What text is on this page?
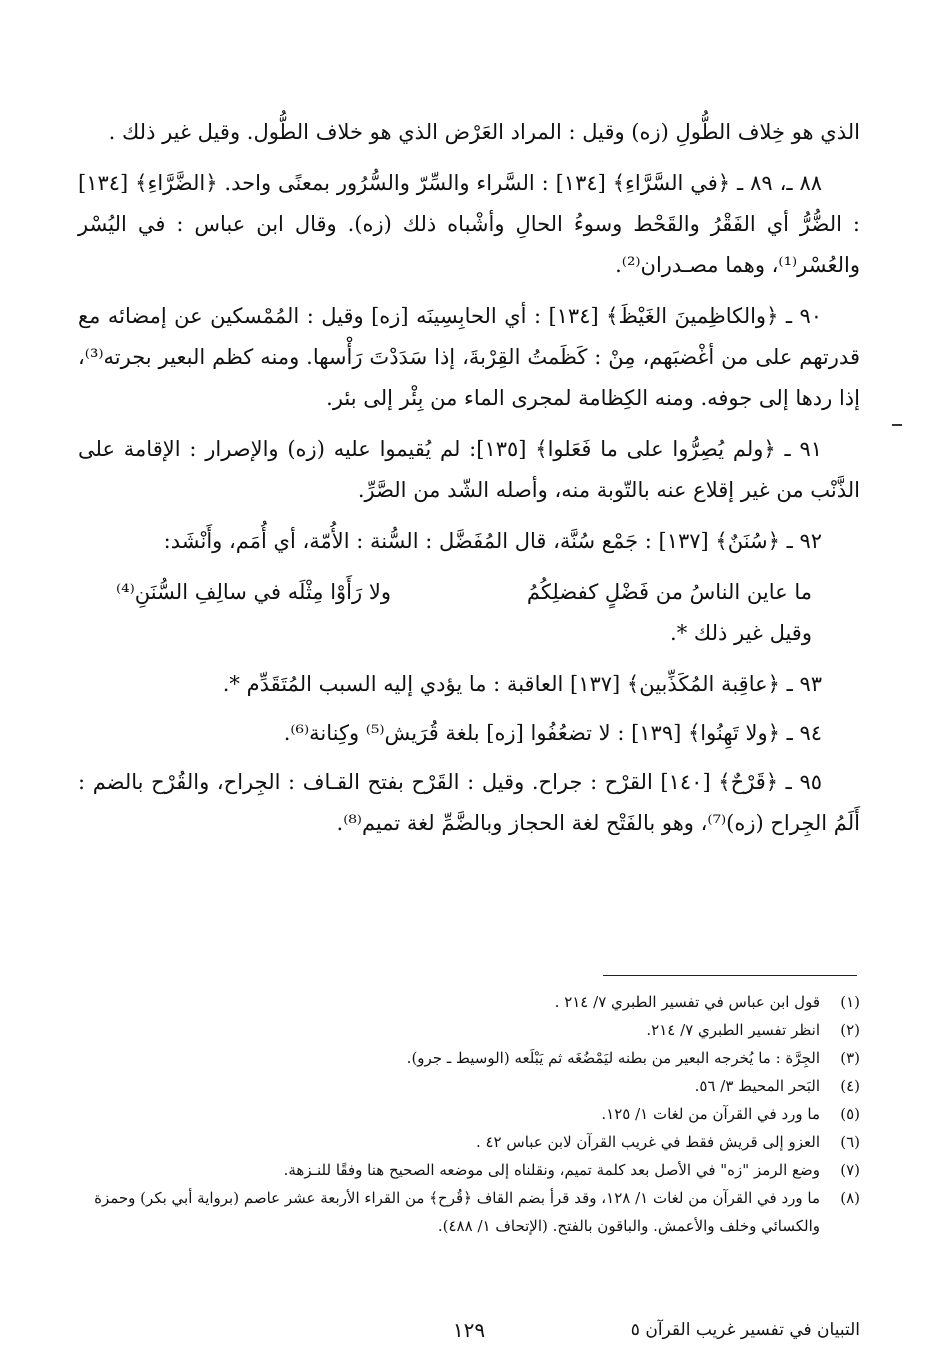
الذي هو خِلاف الطُّولِ (زه) وقيل : المراد العَرْض الذي هو خلاف الطُّول. وقيل غير ذلك .

٨٨ ـ، ٨٩ ـ ﴿في السَّرَّاءِ﴾ [١٣٤] : السَّراء والسِّرّ والسُّرُور بمعنًى واحد. ﴿الضَّرَّاءِ﴾ [١٣٤] : الضُّرُّ أي الفَقْرُ والقَحْط وسوءُ الحالِ وأشْباه ذلك (زه). وقال ابن عباس : في اليُسْر والعُسْر⁽¹⁾، وهما مصـدران⁽²⁾.

٩٠ ـ ﴿والكاظِمينَ الغَيْظَ﴾ [١٣٤] : أي الحابِسِينَه [زه] وقيل : المُمْسكين عن إمضائه مع قدرتهم على من أغْضبَهم، مِنْ : كَظَمتُ القِرْبةَ، إذا سَدَدْتَ رَأْسها. ومنه كظم البعير بجرته⁽³⁾، إذا ردها إلى جوفه. ومنه الكِظامة لمجرى الماء من بِئْر إلى بئر.

٩١ ـ ﴿ولم يُصِرُّوا على ما فَعَلوا﴾ [١٣٥]: لم يُقيموا عليه (زه) والإصرار : الإقامة على الذَّنْب من غير إقلاع عنه بالتّوبة منه، وأصله الشّد من الصَّرِّ.

٩٢ ـ ﴿سُنَنٌ﴾ [١٣٧] : جَمْع سُنَّة، قال المُفَضَّل : السُّنة : الأُمّة، أي أُمَم، وأَنْشَد:

ما عاين الناسُ من فَضْلٍ كفضلِكُمُ
ولا رَأَوْا مِثْلَه في سالِفِ السُّنَنِ⁽⁴⁾

وقيل غير ذلك *.

٩٣ ـ ﴿عاقِبة المُكَذِّبين﴾ [١٣٧] العاقبة : ما يؤدي إليه السبب المُتَقَدِّم *.

٩٤ ـ ﴿ولا تَهِنُوا﴾ [١٣٩] : لا تضعُفُوا [زه] بلغة قُرَيش⁽⁵⁾ وكِنانة⁽⁶⁾.

٩٥ ـ ﴿قَرْحٌ﴾ [١٤٠] القرْح : جراح. وقيل : القَرْح بفتح القـاف : الجِراح، والقُرْح بالضم : أَلَمُ الجِراح (زه)⁽⁷⁾، وهو بالفَتْح لغة الحجاز وبالضَّمِّ لغة تميم⁽⁸⁾.

(١)
قول ابن عباس في تفسير الطبري ٧/ ٢١٤ .
(٢)
انظر تفسير الطبري ٧/ ٢١٤.
(٣)
الجِرَّة : ما يُخرجه البعير من بطنه ليَمْضُغَه ثم يَبْلَعه (الوسيط ـ جرو).
(٤)
البَحر المحيط ٣/ ٥٦.
(٥)
ما ورد في القرآن من لغات ١/ ١٢٥.
(٦)
العزو إلى قريش فقط في غريب القرآن لابن عباس ٤٢ .
(٧)
وضع الرمز "زه" في الأصل بعد كلمة تميم، ونقلناه إلى موضعه الصحيح هنا وفقًا للنـزهة.
(٨)
ما ورد في القرآن من لغات ١/ ١٢٨، وقد قرأ بضم القاف ﴿قُرح﴾ من القراء الأربعة عشر عاصم (برواية أبي بكر) وحمزة والكسائي وخلف والأعمش. والباقون بالفتح. (الإتحاف ١/ ٤٨٨).
التبيان في تفسير غريب القرآن ٥
١٢٩
